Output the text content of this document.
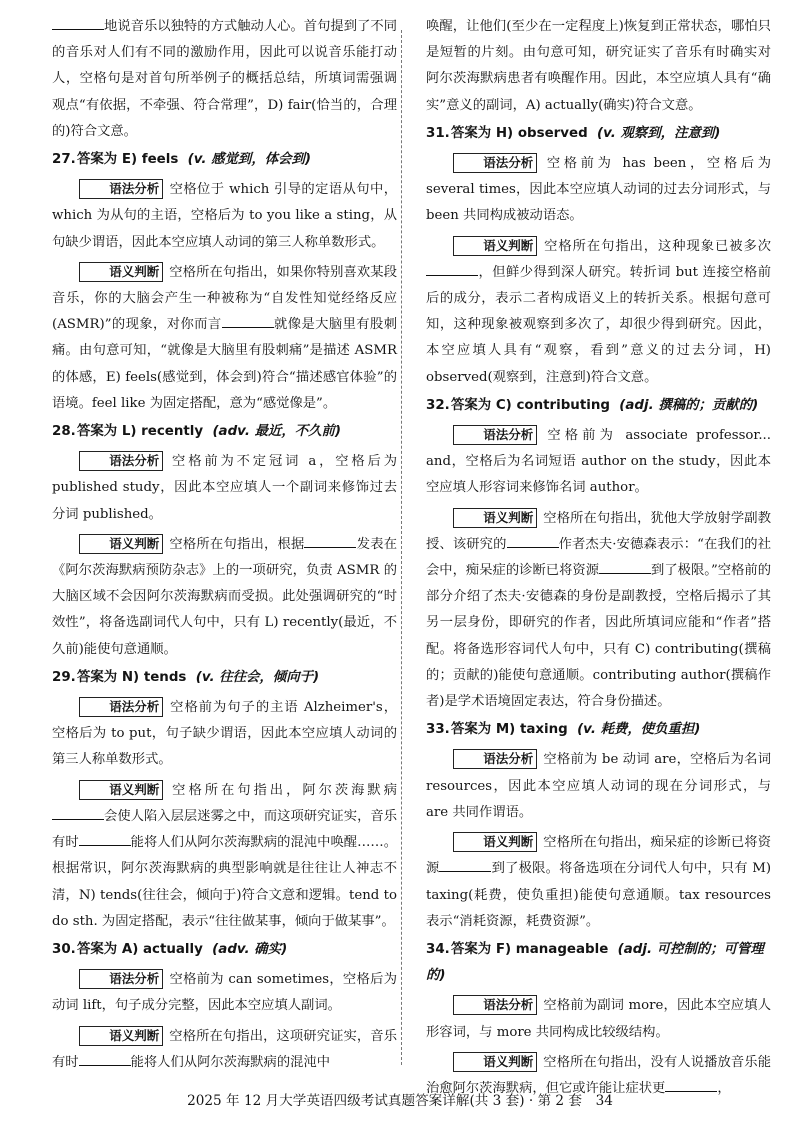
地说音乐以独特的方式触动人心。首句提到了不同的音乐对人们有不同的激励作用，因此可以说音乐能打动人，空格句是对首句所举例子的概括总结，所填词需强调观点“有依据，不牵强、符合常理”，D) fair(恰当的，合理的)符合文意。

27.答案为 E) feels (v. 感觉到，体会到)

语法分析 空格位于 which 引导的定语从句中，which 为从句的主语，空格后为 to you like a sting，从句缺少谓语，因此本空应填人动词的第三人称单数形式。

语义判断 空格所在句指出，如果你特别喜欢某段音乐，你的大脑会产生一种被称为“自发性知觉经络反应(ASMR)”的现象，对你而言	就像是大脑里有股刺痛。由句意可知，“就像是大脑里有股刺痛”是描述 ASMR 的体感，E) feels(感觉到，体会到)符合“描述感官体验”的语境。feel like 为固定搭配，意为“感觉像是”。

28.答案为 L) recently (adv. 最近，不久前)

语法分析 空格前为不定冠词 a，空格后为 published study，因此本空应填人一个副词来修饰过去分词 published。

语义判断 空格所在句指出，根据	发表在《阿尔茨海默病预防杂志》上的一项研究，负责 ASMR 的大脑区域不会因阿尔茨海默病而受损。此处强调研究的“时效性”，将备选副词代人句中，只有 L) recently(最近，不久前)能使句意通顺。

29.答案为 N) tends (v. 往往会，倾向于)

语法分析 空格前为句子的主语 Alzheimer's，空格后为 to put，句子缺少谓语，因此本空应填人动词的第三人称单数形式。

语义判断 空格所在句指出，阿尔茨海默病会使人陷入层层迷雾之中，而这项研究证实，音乐有时	能将人们从阿尔茨海默病的混沌中唤醒……。根据常识，阿尔茨海默病的典型影响就是往往让人神志不清，N) tends(往往会，倾向于)符合文意和逻辑。tend to do sth. 为固定搭配，表示“往往做某事，倾向于做某事”。

30.答案为 A) actually (adv. 确实)

语法分析 空格前为 can sometimes，空格后为动词 lift，句子成分完整，因此本空应填人副词。

语义判断 空格所在句指出，这项研究证实，音乐有时	能将人们从阿尔茨海默病的混沌中

唤醒，让他们(至少在一定程度上)恢复到正常状态，哪怕只是短暂的片刻。由句意可知，研究证实了音乐有时确实对阿尔茨海默病患者有唤醒作用。因此，本空应填人具有“确实”意义的副词，A) actually(确实)符合文意。

31.答案为 H) observed (v. 观察到，注意到)

语法分析 空格前为 has been，空格后为 several times，因此本空应填人动词的过去分词形式，与 been 共同构成被动语态。

语义判断 空格所在句指出，这种现象已被多次，但鲜少得到深人研究。转折词 but 连接空格前后的成分，表示二者构成语义上的转折关系。根据句意可知，这种现象被观察到多次了，却很少得到研究。因此，本空应填人具有“观察，看到”意义的过去分词，H) observed(观察到，注意到)符合文意。

32.答案为 C) contributing (adj. 撰稿的；贡献的)

语法分析 空格前为 associate professor... and，空格后为名词短语 author on the study，因此本空应填人形容词来修饰名词 author。

语义判断 空格所在句指出，犹他大学放射学副教授、该研究的	作者杰夫·安德森表示：“在我们的社会中，痴呆症的诊断已将资源	到了极限。”空格前的部分介绍了杰夫·安德森的身份是副教授，空格后揭示了其另一层身份，即研究的作者，因此所填词应能和“作者”搭配。将备选形容词代人句中，只有 C) contributing(撰稿的；贡献的)能使句意通顺。contributing author(撰稿作者)是学术语境固定表达，符合身份描述。

33.答案为 M) taxing (v. 耗费，使负重担)

语法分析 空格前为 be 动词 are，空格后为名词 resources，因此本空应填人动词的现在分词形式，与 are 共同作谓语。

语义判断 空格所在句指出，痴呆症的诊断已将资源	到了极限。将备选项在分词代人句中，只有 M) taxing(耗费，使负重担)能使句意通顺。tax resources 表示“消耗资源，耗费资源”。

34.答案为 F) manageable (adj. 可控制的；可管理的)

语法分析 空格前为副词 more，因此本空应填人形容词，与 more 共同构成比较级结构。

语义判断 空格所在句指出，没有人说播放音乐能治愈阿尔茨海默病，但它或许能让症状更	，

2025 年 12 月大学英语四级考试真题答案详解(共 3 套) · 第 2 套　34
